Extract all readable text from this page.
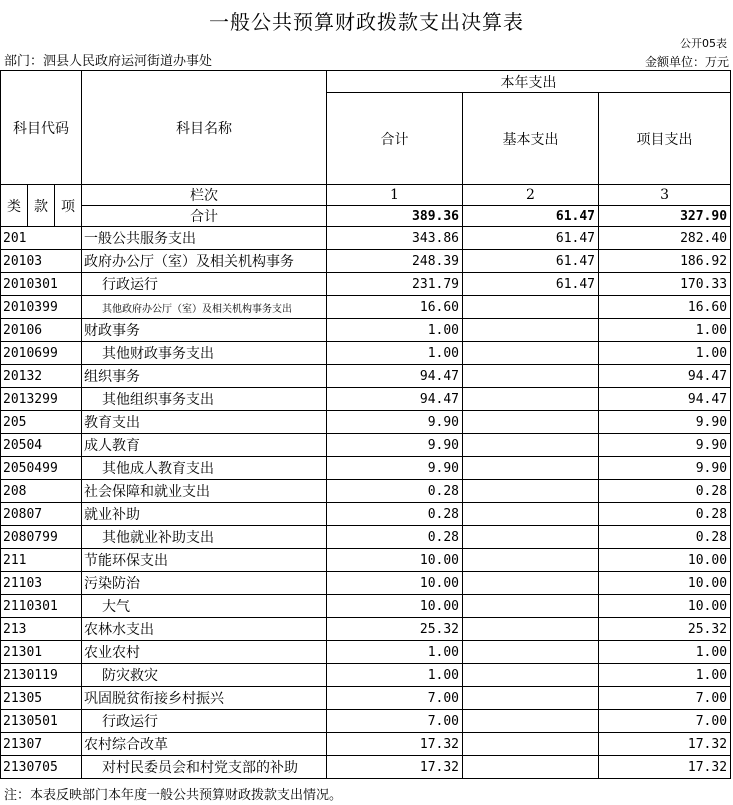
一般公共预算财政拨款支出决算表
公开05表
部门：泗县人民政府运河街道办事处	金额单位：万元
科目代码			科目名称	本年支出		
				合计	基本支出	项目支出
类	款	项	栏次	1	2	3
			合计	389.36	61.47	327.90
201			一般公共服务支出	343.86	61.47	282.40
20103			政府办公厅（室）及相关机构事务	248.39	61.47	186.92
2010301			行政运行	231.79	61.47	170.33
2010399			其他政府办公厅（室）及相关机构事务支出	16.60		16.60
20106			财政事务	1.00		1.00
2010699			其他财政事务支出	1.00		1.00
20132			组织事务	94.47		94.47
2013299			其他组织事务支出	94.47		94.47
205			教育支出	9.90		9.90
20504			成人教育	9.90		9.90
2050499			其他成人教育支出	9.90		9.90
208			社会保障和就业支出	0.28		0.28
20807			就业补助	0.28		0.28
2080799			其他就业补助支出	0.28		0.28
211			节能环保支出	10.00		10.00
21103			污染防治	10.00		10.00
2110301			大气	10.00		10.00
213			农林水支出	25.32		25.32
21301			农业农村	1.00		1.00
2130119			防灾救灾	1.00		1.00
21305			巩固脱贫衔接乡村振兴	7.00		7.00
2130501			行政运行	7.00		7.00
21307			农村综合改革	17.32		17.32
2130705			对村民委员会和村党支部的补助	17.32		17.32
注：本表反映部门本年度一般公共预算财政拨款支出情况。
